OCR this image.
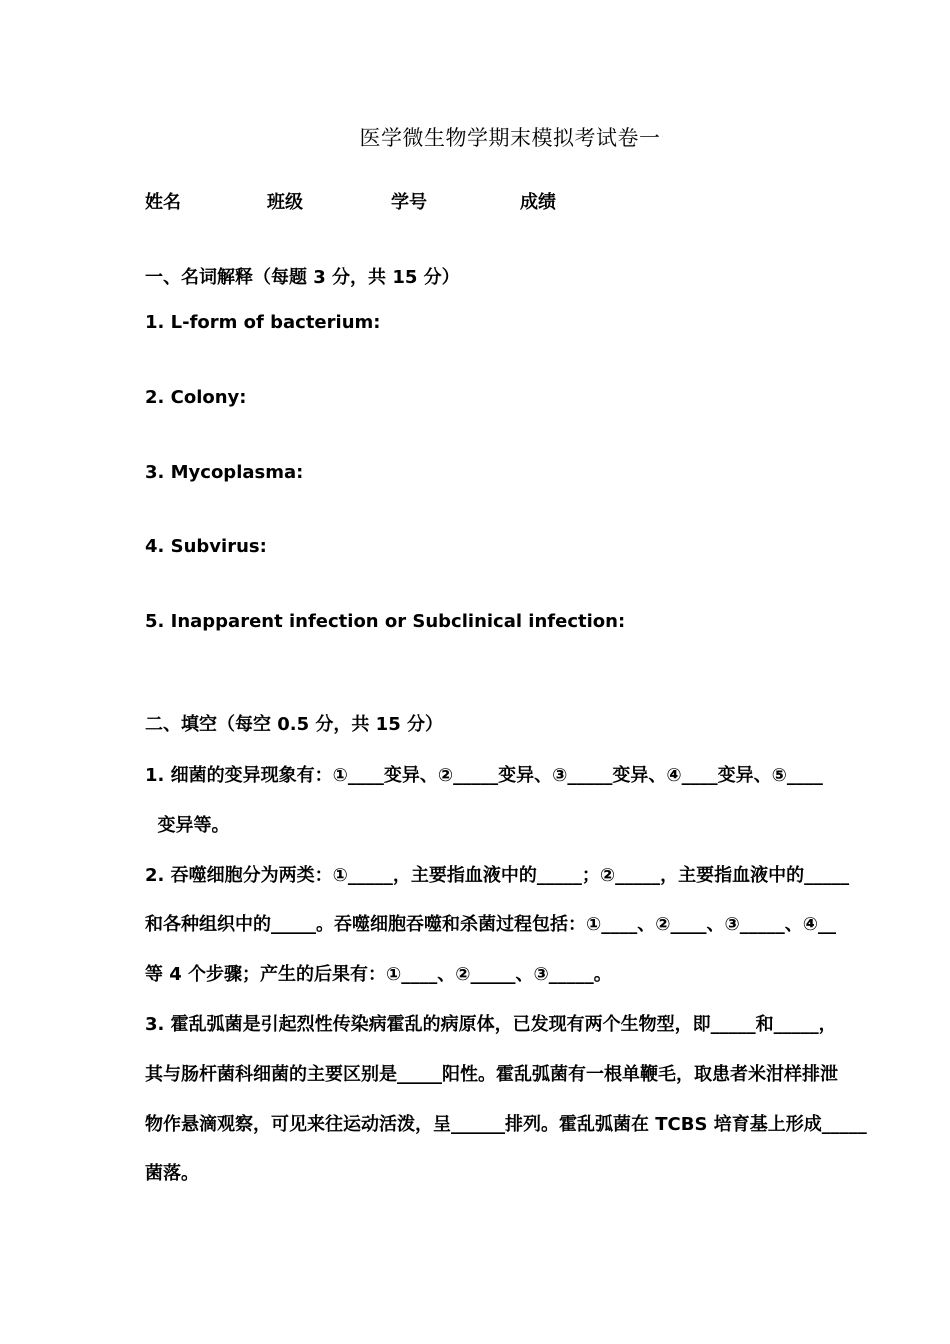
医学微生物学期末模拟考试卷一
姓名	班级	学号	成绩
一、名词解释（每题 3 分，共 15 分）
1. L-form of bacterium:
2. Colony:
3. Mycoplasma:
4. Subvirus:
5. Inapparent infection or Subclinical infection:
二、填空（每空 0.5 分，共 15 分）
1. 细菌的变异现象有：①____变异、②_____变异、③_____变异、④____变异、⑤____
变异等。
2. 吞噬细胞分为两类：①_____，主要指血液中的_____；②_____，主要指血液中的_____
和各种组织中的_____。吞噬细胞吞噬和杀菌过程包括：①____、②____、③_____、④__
等 4 个步骤；产生的后果有：①____、②_____、③_____。
3. 霍乱弧菌是引起烈性传染病霍乱的病原体，已发现有两个生物型，即_____和_____，
其与肠杆菌科细菌的主要区别是_____阳性。霍乱弧菌有一根单鞭毛，取患者米泔样排泄
物作悬滴观察，可见来往运动活泼，呈______排列。霍乱弧菌在 TCBS 培育基上形成_____
菌落。
